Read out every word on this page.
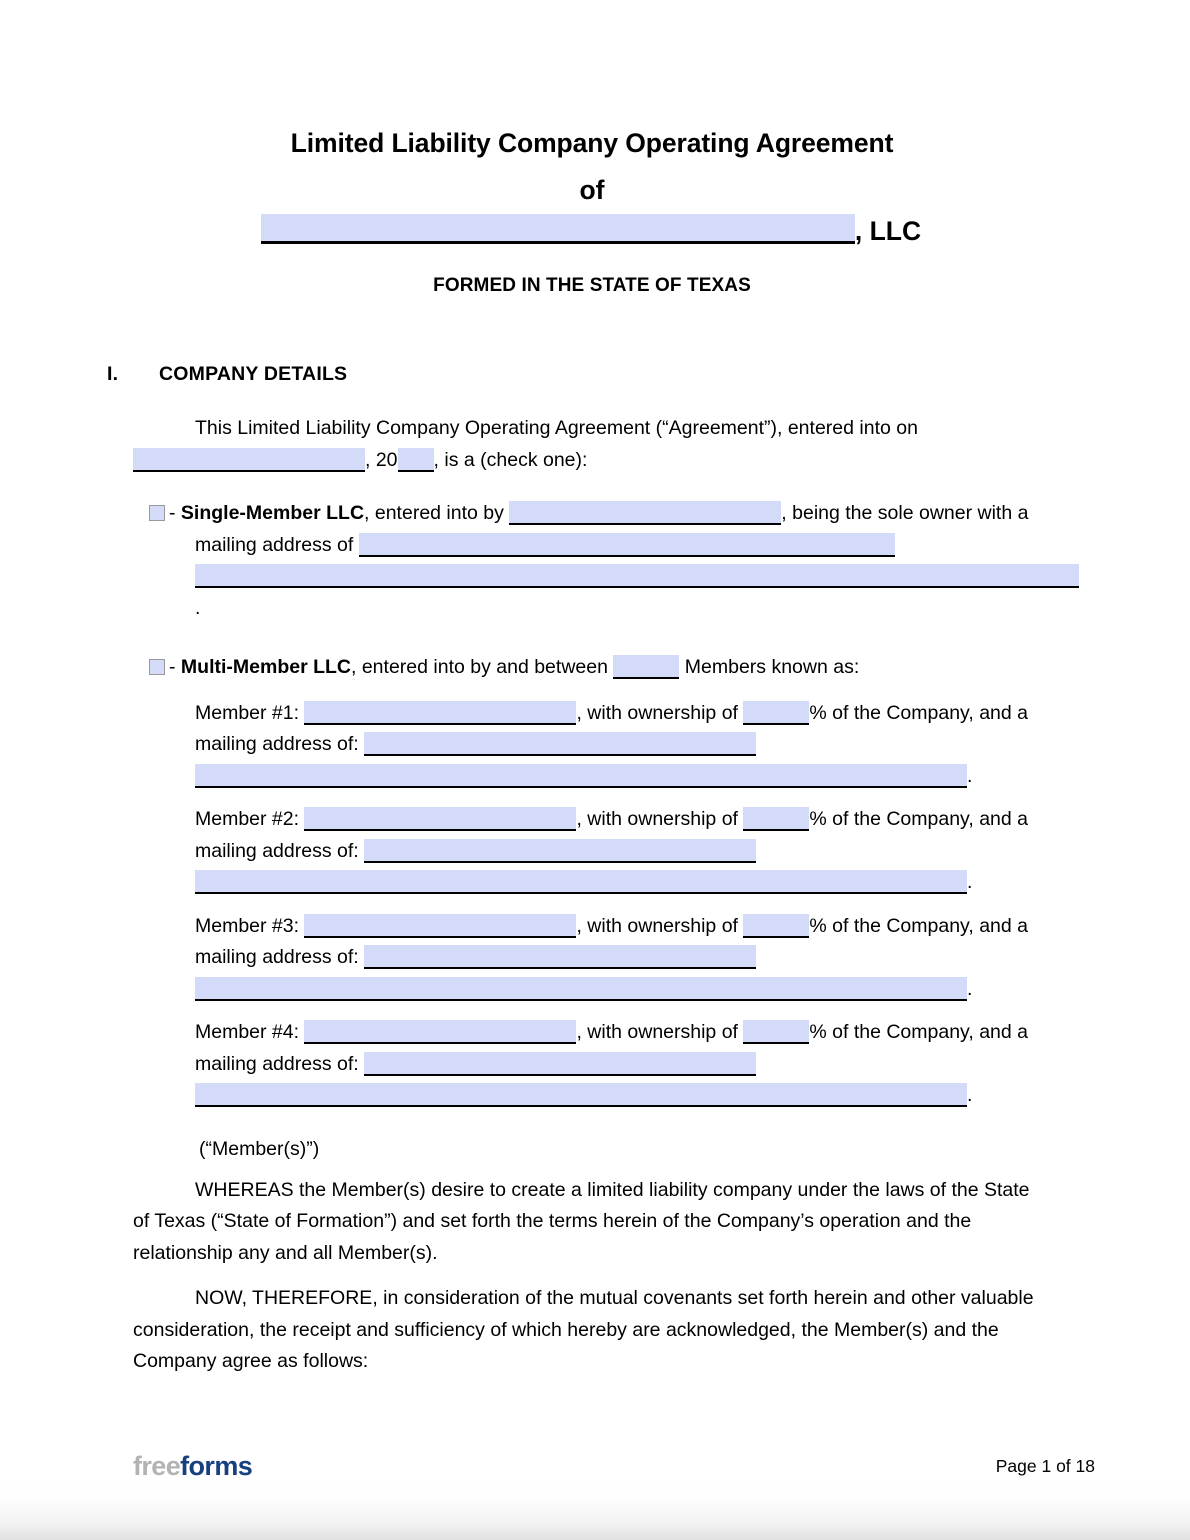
Limited Liability Company Operating Agreement
of
, LLC
FORMED IN THE STATE OF TEXAS
I.	COMPANY DETAILS

This Limited Liability Company Operating Agreement (“Agreement”), entered into on , 20 , is a (check one):

- Single-Member LLC, entered into by	, being the sole owner with a mailing address of .

- Multi-Member LLC, entered into by and between	Members known as:

Member #1:	, with ownership of	% of the Company, and a mailing address of: .
Member #2:	, with ownership of	% of the Company, and a mailing address of: .
Member #3:	, with ownership of	% of the Company, and a mailing address of: .
Member #4:	, with ownership of	% of the Company, and a mailing address of: .
(“Member(s)”)

WHEREAS the Member(s) desire to create a limited liability company under the laws of the State of Texas (“State of Formation”) and set forth the terms herein of the Company’s operation and the relationship any and all Member(s).

NOW, THEREFORE, in consideration of the mutual covenants set forth herein and other valuable consideration, the receipt and sufficiency of which hereby are acknowledged, the Member(s) and the Company agree as follows:

freeforms	Page 1 of 18
